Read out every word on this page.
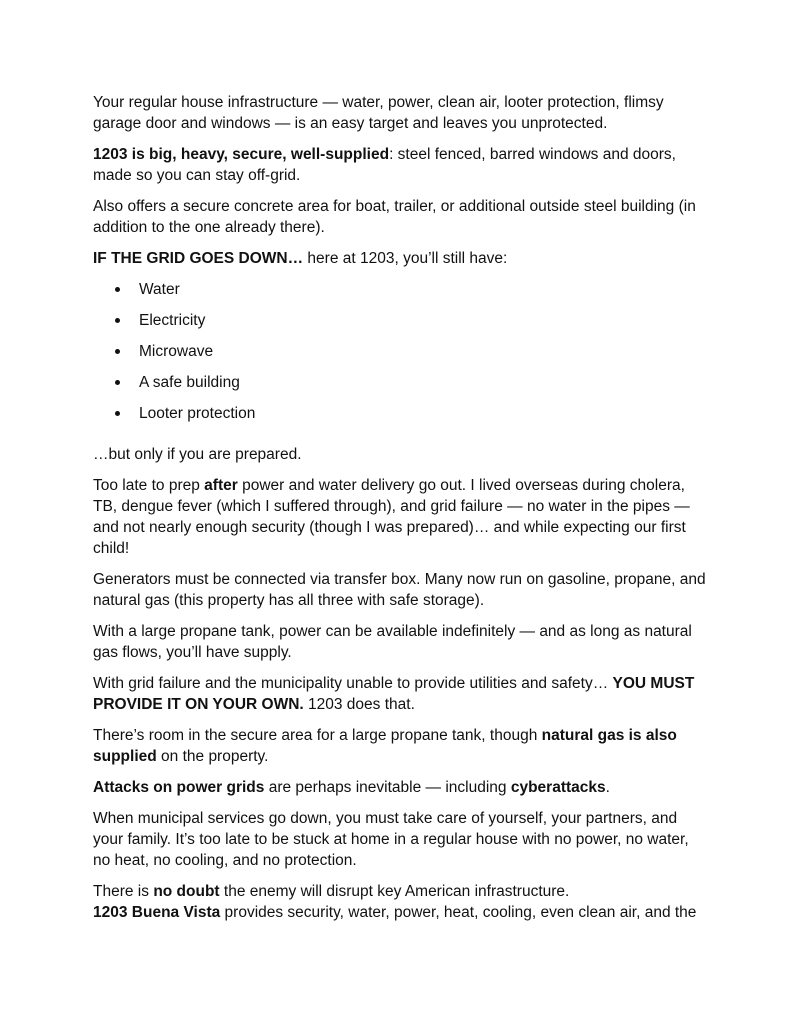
Your regular house infrastructure — water, power, clean air, looter protection, flimsy garage door and windows — is an easy target and leaves you unprotected.

1203 is big, heavy, secure, well-supplied: steel fenced, barred windows and doors, made so you can stay off-grid.

Also offers a secure concrete area for boat, trailer, or additional outside steel building (in addition to the one already there).

IF THE GRID GOES DOWN… here at 1203, you’ll still have:

Water
Electricity
Microwave
A safe building
Looter protection

…but only if you are prepared.

Too late to prep after power and water delivery go out. I lived overseas during cholera, TB, dengue fever (which I suffered through), and grid failure — no water in the pipes — and not nearly enough security (though I was prepared)… and while expecting our first child!

Generators must be connected via transfer box. Many now run on gasoline, propane, and natural gas (this property has all three with safe storage).

With a large propane tank, power can be available indefinitely — and as long as natural gas flows, you’ll have supply.

With grid failure and the municipality unable to provide utilities and safety… YOU MUST PROVIDE IT ON YOUR OWN. 1203 does that.

There’s room in the secure area for a large propane tank, though natural gas is also supplied on the property.

Attacks on power grids are perhaps inevitable — including cyberattacks.

When municipal services go down, you must take care of yourself, your partners, and your family. It’s too late to be stuck at home in a regular house with no power, no water, no heat, no cooling, and no protection.

There is no doubt the enemy will disrupt key American infrastructure.

1203 Buena Vista provides security, water, power, heat, cooling, even clean air, and the
